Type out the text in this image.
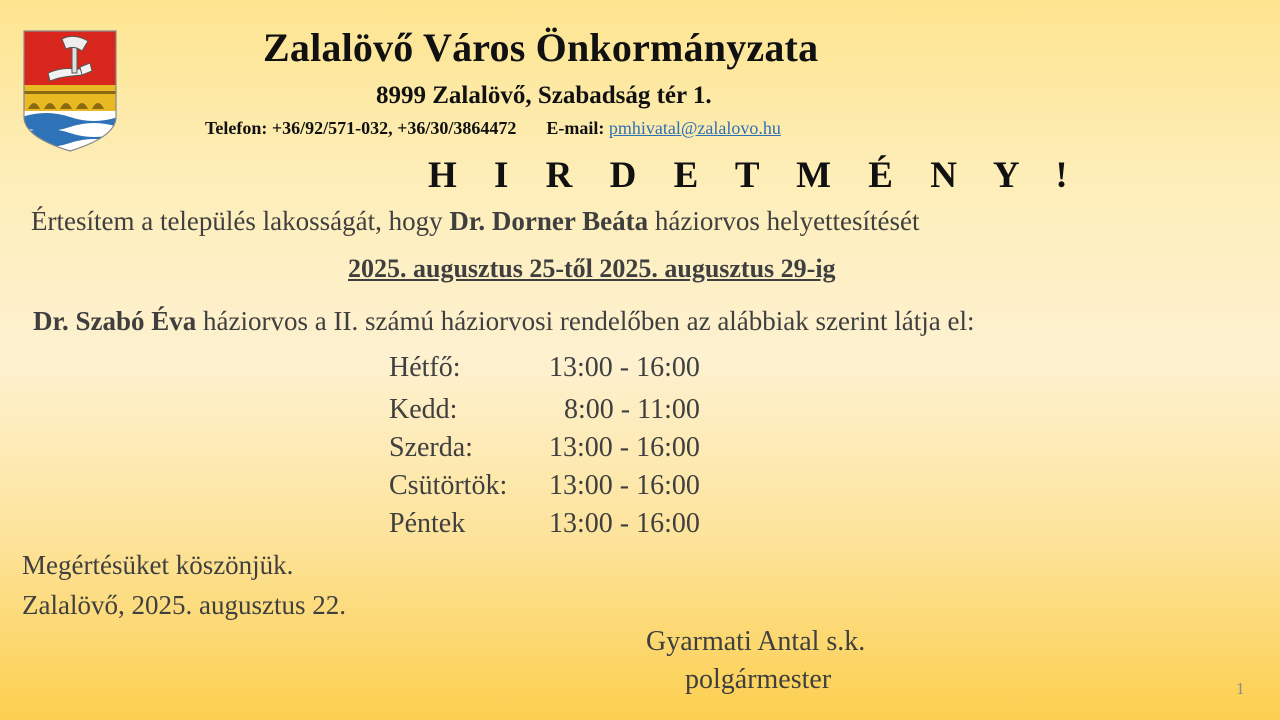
Zalalövő Város Önkormányzata
8999 Zalalövő, Szabadság tér 1.
Telefon: +36/92/571-032, +36/30/3864472 E-mail: pmhivatal@zalalovo.hu
H I R D E T M É N Y !
Értesítem a település lakosságát, hogy Dr. Dorner Beáta háziorvos helyettesítését
2025. augusztus 25-től 2025. augusztus 29-ig
Dr. Szabó Éva háziorvos a II. számú háziorvosi rendelőben az alábbiak szerint látja el:
Hétfő:	13:00 - 16:00
Kedd:	8:00 - 11:00
Szerda:	13:00 - 16:00
Csütörtök: 13:00 - 16:00
Péntek	13:00 - 16:00
Megértésüket köszönjük.
Zalalövő, 2025. augusztus 22.
Gyarmati Antal s.k.
polgármester	1
